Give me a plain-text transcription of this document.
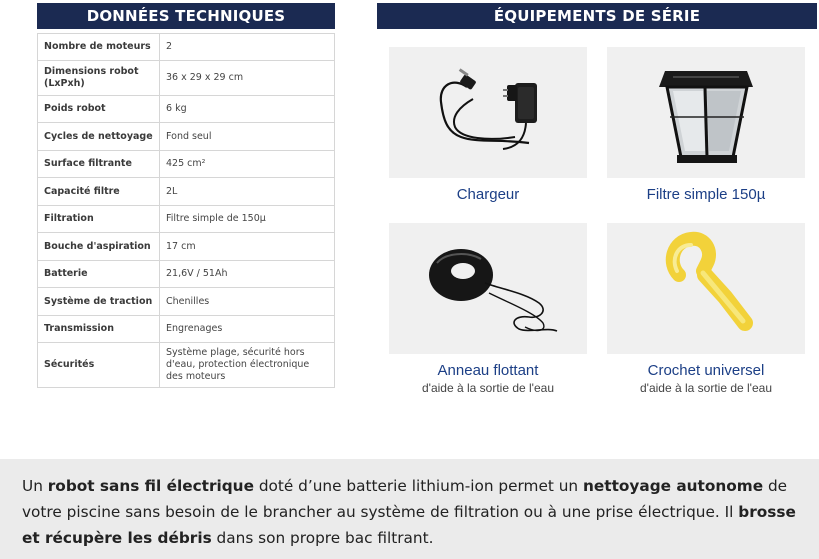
DONNÉES TECHNIQUES	ÉQUIPEMENTS DE SÉRIE
Nombre de moteurs	2
Dimensions robot (LxPxh)	36 x 29 x 29 cm
Poids robot	6 kg
Cycles de nettoyage	Fond seul
Surface filtrante	425 cm²
Capacité filtre	2L
Filtration	Filtre simple de 150µ
Bouche d'aspiration	17 cm
Batterie	21,6V / 51Ah
Système de traction	Chenilles
Transmission	Engrenages
Sécurités	Système plage, sécurité hors d'eau, protection électronique des moteurs
Chargeur	Filtre simple 150µ
Anneau flottant
d'aide à la sortie de l'eau
Crochet universel
d'aide à la sortie de l'eau

Un robot sans fil électrique doté d’une batterie lithium-ion permet un nettoyage autonome de votre piscine sans besoin de le brancher au système de filtration ou à une prise électrique. Il brosse et récupère les débris dans son propre bac filtrant.
